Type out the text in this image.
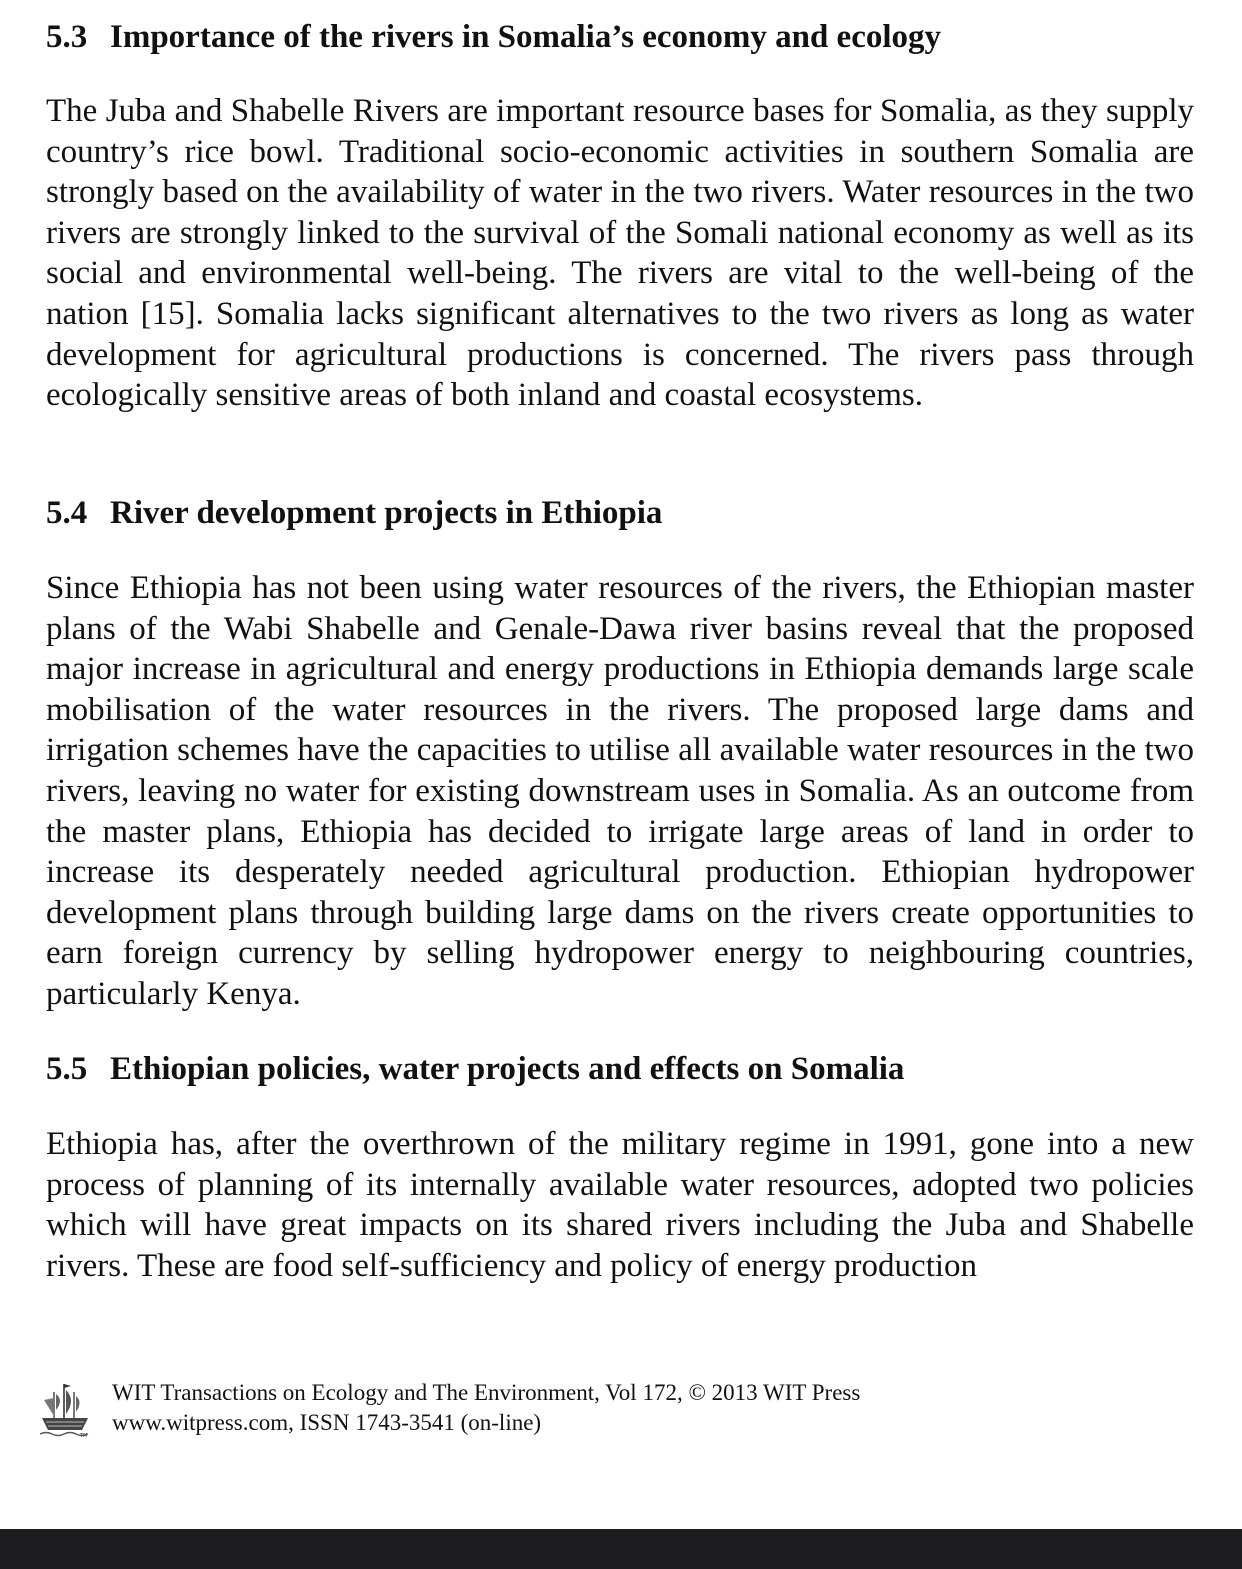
5.3 Importance of the rivers in Somalia’s economy and ecology

The Juba and Shabelle Rivers are important resource bases for Somalia, as they supply country’s rice bowl. Traditional socio-economic activities in southern Somalia are strongly based on the availability of water in the two rivers. Water resources in the two rivers are strongly linked to the survival of the Somali national economy as well as its social and environmental well-being. The rivers are vital to the well-being of the nation [15]. Somalia lacks significant alternatives to the two rivers as long as water development for agricultural productions is concerned. The rivers pass through ecologically sensitive areas of both inland and coastal ecosystems.

5.4 River development projects in Ethiopia

Since Ethiopia has not been using water resources of the rivers, the Ethiopian master plans of the Wabi Shabelle and Genale-Dawa river basins reveal that the proposed major increase in agricultural and energy productions in Ethiopia demands large scale mobilisation of the water resources in the rivers. The proposed large dams and irrigation schemes have the capacities to utilise all available water resources in the two rivers, leaving no water for existing downstream uses in Somalia. As an outcome from the master plans, Ethiopia has decided to irrigate large areas of land in order to increase its desperately needed agricultural production. Ethiopian hydropower development plans through building large dams on the rivers create opportunities to earn foreign currency by selling hydropower energy to neighbouring countries, particularly Kenya.

5.5 Ethiopian policies, water projects and effects on Somalia

Ethiopia has, after the overthrown of the military regime in 1991, gone into a new process of planning of its internally available water resources, adopted two policies which will have great impacts on its shared rivers including the Juba and Shabelle rivers. These are food self-sufficiency and policy of energy production

TM
WIT Transactions on Ecology and The Environment, Vol 172, © 2013 WIT Press
www.witpress.com, ISSN 1743-3541 (on-line)
